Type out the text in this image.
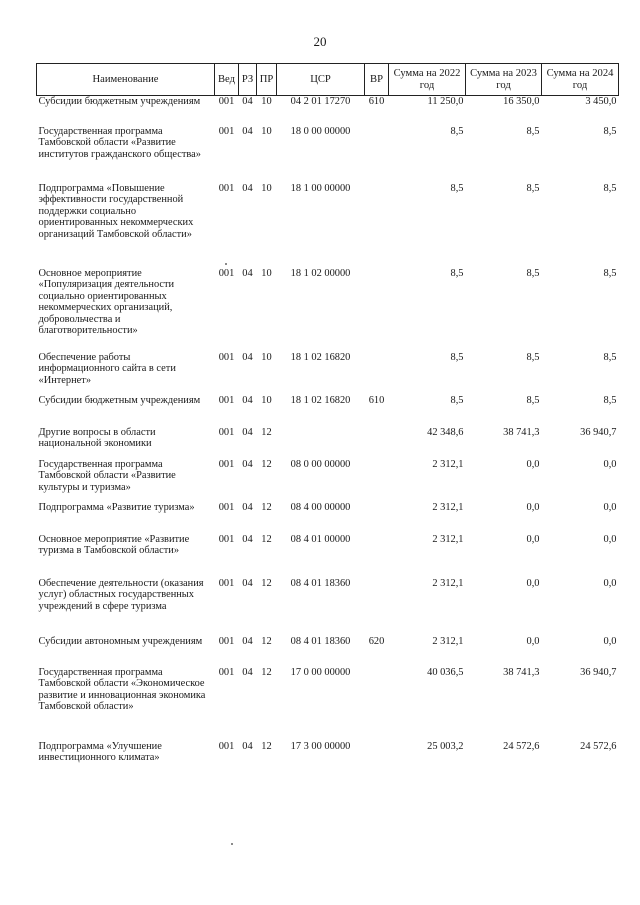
20
Наименование	Вед	РЗ	ПР	ЦСР	ВР	Сумма на 2022 год	Сумма на 2023 год	Сумма на 2024 год
Субсидии бюджетным учреждениям	001	04	10	04 2 01 17270	610	11 250,0	16 350,0	3 450,0
Государственная программа Тамбовской области «Развитие институтов гражданского общества»	001	04	10	18 0 00 00000		8,5	8,5	8,5
Подпрограмма «Повышение эффективности государственной поддержки социально ориентированных некоммерческих организаций Тамбовской области»	001	04	10	18 1 00 00000		8,5	8,5	8,5
Основное мероприятие «Популяризация деятельности социально ориентированных некоммерческих организаций, добровольчества и благотворительности»	001	04	10	18 1 02 00000		8,5	8,5	8,5
Обеспечение работы информационного сайта в сети «Интернет»	001	04	10	18 1 02 16820		8,5	8,5	8,5
Субсидии бюджетным учреждениям	001	04	10	18 1 02 16820	610	8,5	8,5	8,5
Другие вопросы в области национальной экономики	001	04	12			42 348,6	38 741,3	36 940,7
Государственная программа Тамбовской области «Развитие культуры и туризма»	001	04	12	08 0 00 00000		2 312,1	0,0	0,0
Подпрограмма «Развитие туризма»	001	04	12	08 4 00 00000		2 312,1	0,0	0,0
Основное мероприятие «Развитие туризма в Тамбовской области»	001	04	12	08 4 01 00000		2 312,1	0,0	0,0
Обеспечение деятельности (оказания услуг) областных государственных учреждений в сфере туризма	001	04	12	08 4 01 18360		2 312,1	0,0	0,0
Субсидии автономным учреждениям	001	04	12	08 4 01 18360	620	2 312,1	0,0	0,0
Государственная программа Тамбовской области «Экономическое развитие и инновационная экономика Тамбовской области»	001	04	12	17 0 00 00000		40 036,5	38 741,3	36 940,7
Подпрограмма «Улучшение инвестиционного климата»	001	04	12	17 3 00 00000		25 003,2	24 572,6	24 572,6
